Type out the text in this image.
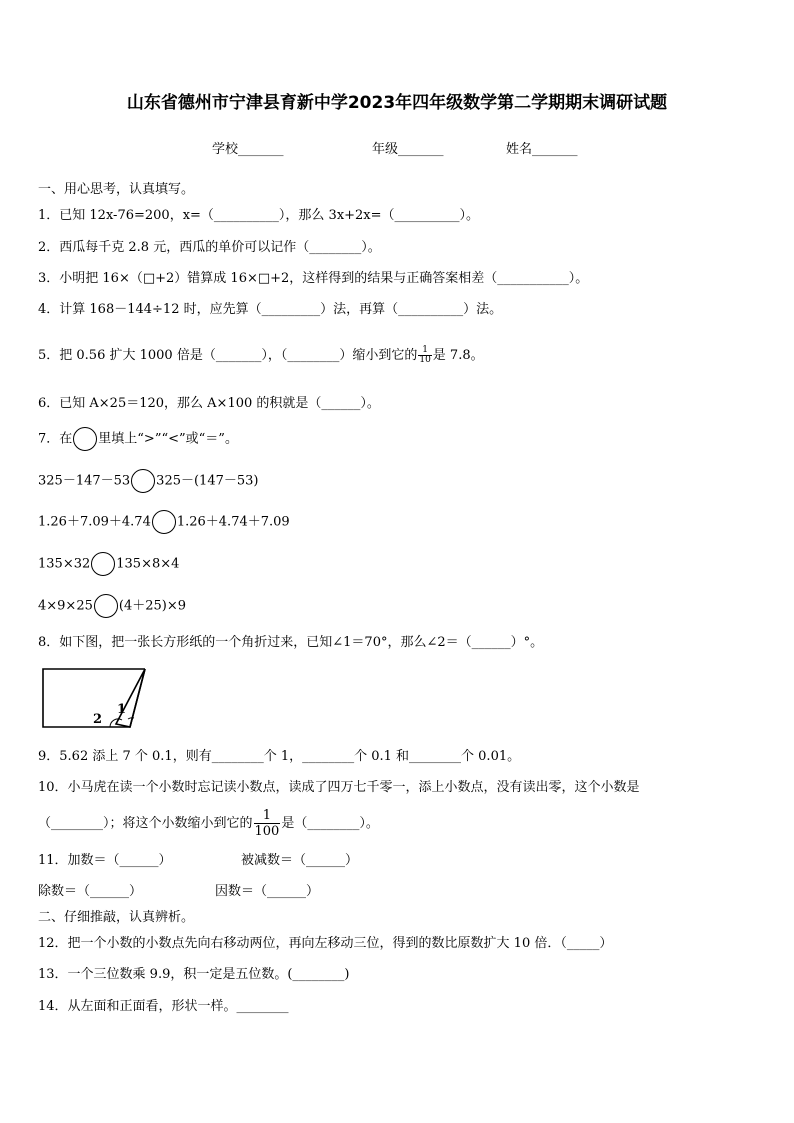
山东省德州市宁津县育新中学2023年四年级数学第二学期期末调研试题
学校_______	年级_______	姓名_______
一、用心思考，认真填写。
1．已知 12x-76=200，x=（__________），那么 3x+2x=（__________）。
2．西瓜每千克 2.8 元，西瓜的单价可以记作（________）。
3．小明把 16×（□+2）错算成 16×□+2，这样得到的结果与正确答案相差（___________）。
4．计算 168－144÷12 时，应先算（_________）法，再算（__________）法。
5．把 0.56 扩大 1000 倍是（_______），（________）缩小到它的 $\frac{1}{10}$ 是 7.8。
6．已知 A×25＝120，那么 A×100 的积就是（______）。
7．在 里填上“>”“<”或“＝”。
325－147－53 325－(147－53)
1.26＋7.09＋4.74 1.26＋4.74＋7.09
135×32 135×8×4
4×9×25 (4＋25)×9
8．如下图，把一张长方形纸的一个角折过来，已知∠1＝70°，那么∠2＝（______）°。
1
2
9．5.62 添上 7 个 0.1，则有________个 1，________个 0.1 和________个 0.01。
10．小马虎在读一个小数时忘记读小数点，读成了四万七千零一，添上小数点，没有读出零，这个小数是
（________）；将这个小数缩小到它的 $\frac{1}{100}$ 是（________）。
11．加数＝（______）	被减数＝（______）
除数＝（______）	因数＝（______）
二、仔细推敲，认真辨析。
12．把一个小数的小数点先向右移动两位，再向左移动三位，得到的数比原数扩大 10 倍．（_____）
13．一个三位数乘 9.9，积一定是五位数。(________)
14．从左面和正面看，形状一样。________
